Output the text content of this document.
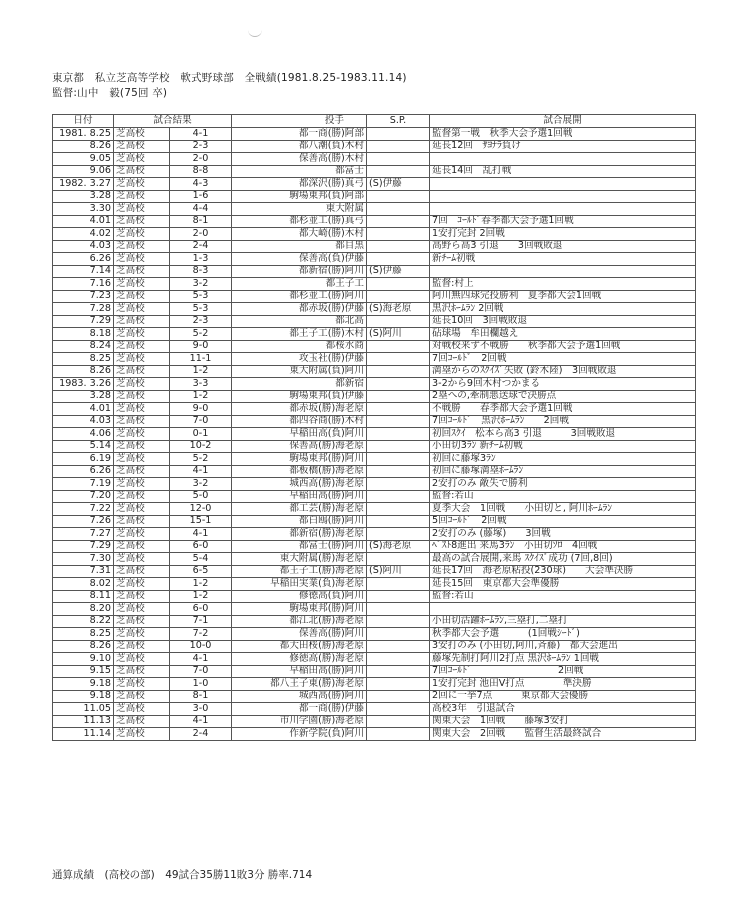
東京都　私立芝高等学校　軟式野球部　全戦績(1981.8.25-1983.11.14)
監督:山中　毅(75回 卒)
日付	試合結果		投手	S.P.	試合展開
1981. 8.25	芝高校	4-1	都一商(勝)阿部		監督第一戦　秋季大会予選1回戦
8.26	芝高校	2-3	都八潮(負)木村		延長12回　ｻﾖﾅﾗ負け
9.05	芝高校	2-0	保善高(勝)木村		
9.06	芝高校	8-8	都富士		延長14回　乱打戦
1982. 3.27	芝高校	4-3	都深沢(勝)真弓	(S)伊藤	
3.28	芝高校	1-6	駒場東邦(負)阿部		
3.30	芝高校	4-4	東大附属		
4.01	芝高校	8-1	都杉並工(勝)真弓		7回　ｺｰﾙﾄﾞ春季都大会予選1回戦
4.02	芝高校	2-0	都大崎(勝)木村		1安打完封 2回戦
4.03	芝高校	2-4	都目黒		高野ら高3 引退　　3回戦敗退
6.26	芝高校	1-3	保善高(負)伊藤		新ﾁｰﾑ初戦
7.14	芝高校	8-3	都新宿(勝)阿川	(S)伊藤	
7.16	芝高校	3-2	都王子工		監督:村上
7.23	芝高校	5-3	都杉並工(勝)阿川		阿川無四球完投勝利　夏季都大会1回戦
7.28	芝高校	5-3	都赤坂(勝)伊藤	(S)海老原	黒沢ﾎｰﾑﾗﾝ 2回戦
7.29	芝高校	2-3	都北高		延長10回　3回戦敗退
8.18	芝高校	5-2	都王子工(勝)木村	(S)阿川	砧球場　牟田欄越え
8.24	芝高校	9-0	都桜水商		対戦校来ず不戦勝　　秋季都大会予選1回戦
8.25	芝高校	11-1	攻玉社(勝)伊藤		7回ｺｰﾙﾄﾞ　2回戦
8.26	芝高校	1-2	東大附属(負)阿川		満塁からのｽｸｲｽﾞ失敗 (鈴木陸)　3回戦敗退
1983. 3.26	芝高校	3-3	都新宿		3-2から9回木村つかまる
3.28	芝高校	1-2	駒場東邦(負)伊藤		2塁への,牽制悪送球で決勝点
4.01	芝高校	9-0	都赤坂(勝)海老原		不戦勝　　春季都大会予選1回戦
4.03	芝高校	7-0	都四谷商(勝)木村		7回ｺｰﾙﾄﾞ　黒沢ﾎｰﾑﾗﾝ　　2回戦
4.06	芝高校	0-1	早稲田高(負)阿川		初回ｽｸｲ　松本ら高3 引退　　　3回戦敗退
5.14	芝高校	10-2	保善高(勝)海老原		小田切3ﾗﾝ 新ﾁｰﾑ初戦
6.19	芝高校	5-2	駒場東邦(勝)阿川		初回に藤塚3ﾗﾝ
6.26	芝高校	4-1	都板橋(勝)海老原		初回に藤塚満塁ﾎｰﾑﾗﾝ
7.19	芝高校	3-2	城西高(勝)海老原		2安打のみ 敵失で勝利
7.20	芝高校	5-0	早稲田高(勝)阿川		監督:若山
7.22	芝高校	12-0	都工芸(勝)海老原		夏季大会　1回戦　　小田切と, 阿川ﾎｰﾑﾗﾝ
7.26	芝高校	15-1	都白鴎(勝)阿川		5回ｺｰﾙﾄﾞ　2回戦
7.27	芝高校	4-1	都新宿(勝)海老原		2安打のみ (藤塚)　　3回戦
7.29	芝高校	6-0	都富士(勝)阿川	(S)海老原	ﾍﾞｽﾄ8進出 来馬3ﾗﾝ　小田切ｿﾛ　4回戦
7.30	芝高校	5-4	東大附属(勝)海老原		最高の試合展開,来馬 ｽｸｲｽﾞ成功 (7回,8回)
7.31	芝高校	6-5	都王子工(勝)海老原	(S)阿川	延長17回　海老原粘投(230球)　　大会準決勝
8.02	芝高校	1-2	早稲田実業(負)海老原		延長15回　東京都大会準優勝
8.11	芝高校	1-2	修徳高(負)阿川		監督:若山
8.20	芝高校	6-0	駒場東邦(勝)阿川		
8.22	芝高校	7-1	都江北(勝)海老原		小田切活躍ﾎｰﾑﾗﾝ,三塁打,二塁打
8.25	芝高校	7-2	保善高(勝)阿川		秋季都大会予選　　　(1回戦ｼｰﾄﾞ)
8.26	芝高校	10-0	都大田桜(勝)海老原		3安打のみ (小田切,阿川,斉藤)　都大会進出
9.10	芝高校	4-1	修徳高(勝)海老原		藤塚先制打阿川2打点 黒沢ﾎｰﾑﾗﾝ 1回戦
9.15	芝高校	7-0	早稲田高(勝)阿川		7回ｺｰﾙﾄﾞ　　　　　　　　　2回戦
9.18	芝高校	1-0	都八王子東(勝)海老原		1安打完封 池田V打点　　　　準決勝
9.18	芝高校	8-1	城西高(勝)阿川		2回に一挙7点　　　東京都大会優勝
11.05	芝高校	3-0	都一商(勝)伊藤		高校3年　引退試合
11.13	芝高校	4-1	市川学園(勝)海老原		関東大会　1回戦　　藤塚3安打
11.14	芝高校	2-4	作新学院(負)阿川		関東大会　2回戦　　監督生活最終試合
通算成績　(高校の部)　49試合35勝11敗3分 勝率.714
